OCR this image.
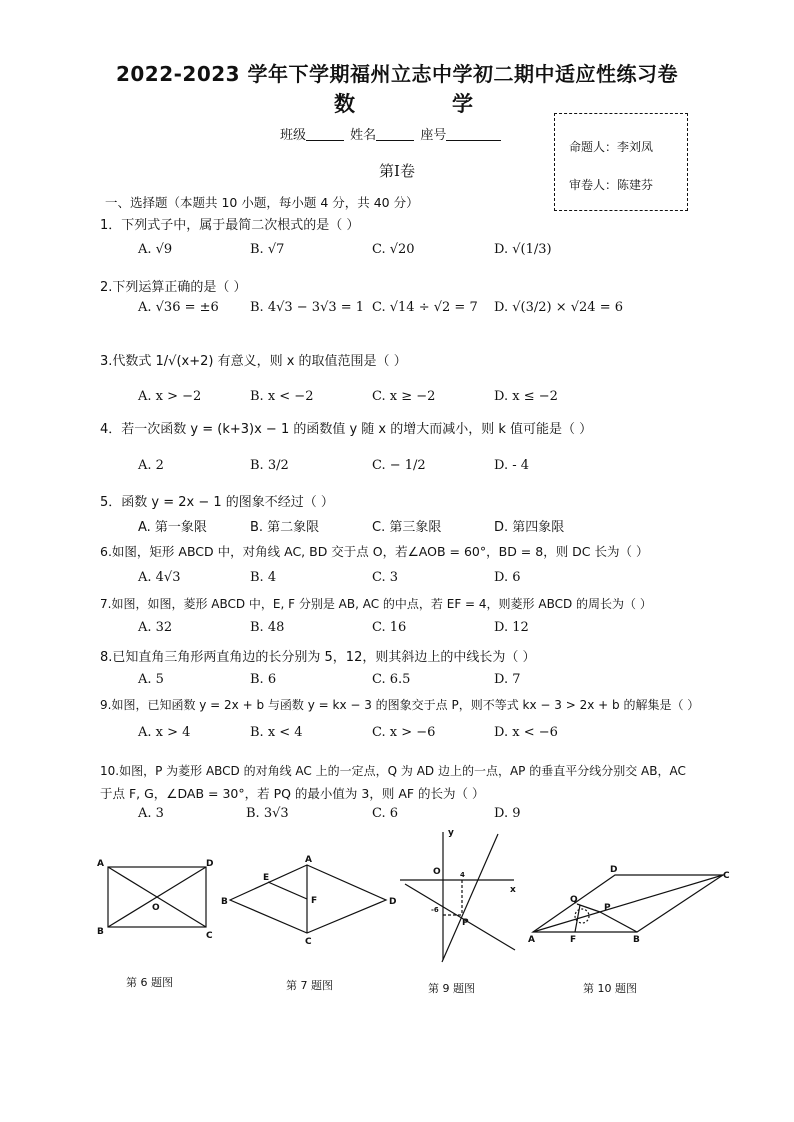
2022-2023 学年下学期福州立志中学初二期中适应性练习卷
数	学
班级	姓名	座号
命题人：李刘凤
审卷人：陈建芬
第Ⅰ卷
一、选择题（本题共 10 小题，每小题 4 分，共 40 分）
1．下列式子中，属于最简二次根式的是（ ）
A. √9	B. √7	C. √20	D. √(1/3)
2.下列运算正确的是（ ）
A. √36 = ±6 B. 4√3 − 3√3 = 1 C. √14 ÷ √2 = 7 D. √(3/2) × √24 = 6
3.代数式 1/√(x+2) 有意义，则 x 的取值范围是（ ）
A. x > −2	B. x < −2	C. x ≥ −2	D. x ≤ −2
4．若一次函数 y = (k+3)x − 1 的函数值 y 随 x 的增大而减小，则 k 值可能是（ ）
A. 2	B. 3/2	C. − 1/2	D. - 4
5．函数 y = 2x − 1 的图象不经过（ ）
A. 第一象限	B. 第二象限	C. 第三象限	D. 第四象限
6.如图，矩形 ABCD 中，对角线 AC, BD 交于点 O，若∠AOB = 60°，BD = 8，则 DC 长为（ ）
A. 4√3	B. 4	C. 3	D. 6
7.如图，如图，菱形 ABCD 中，E, F 分别是 AB, AC 的中点，若 EF = 4，则菱形 ABCD 的周长为（ ）
A. 32	B. 48	C. 16	D. 12
8.已知直角三角形两直角边的长分别为 5，12，则其斜边上的中线长为（ ）
A. 5	B. 6	C. 6.5	D. 7
9.如图，已知函数 y = 2x + b 与函数 y = kx − 3 的图象交于点 P，则不等式 kx − 3 > 2x + b 的解集是（ ）
A. x > 4	B. x < 4	C. x > −6	D. x < −6
10.如图，P 为菱形 ABCD 的对角线 AC 上的一定点，Q 为 AD 边上的一点，AP 的垂直平分线分别交 AB，AC
于点 F, G，∠DAB = 30°，若 PQ 的最小值为 3，则 AF 的长为（ ）
A. 3	B. 3√3	C. 6	D. 9
A
B	C
D
O
A
B
C
D
E
F
x
y
O	4
-6
P
A	B
C
D
F
P
Q
第 6 题图	第 7 题图	第 9 题图	第 10 题图
